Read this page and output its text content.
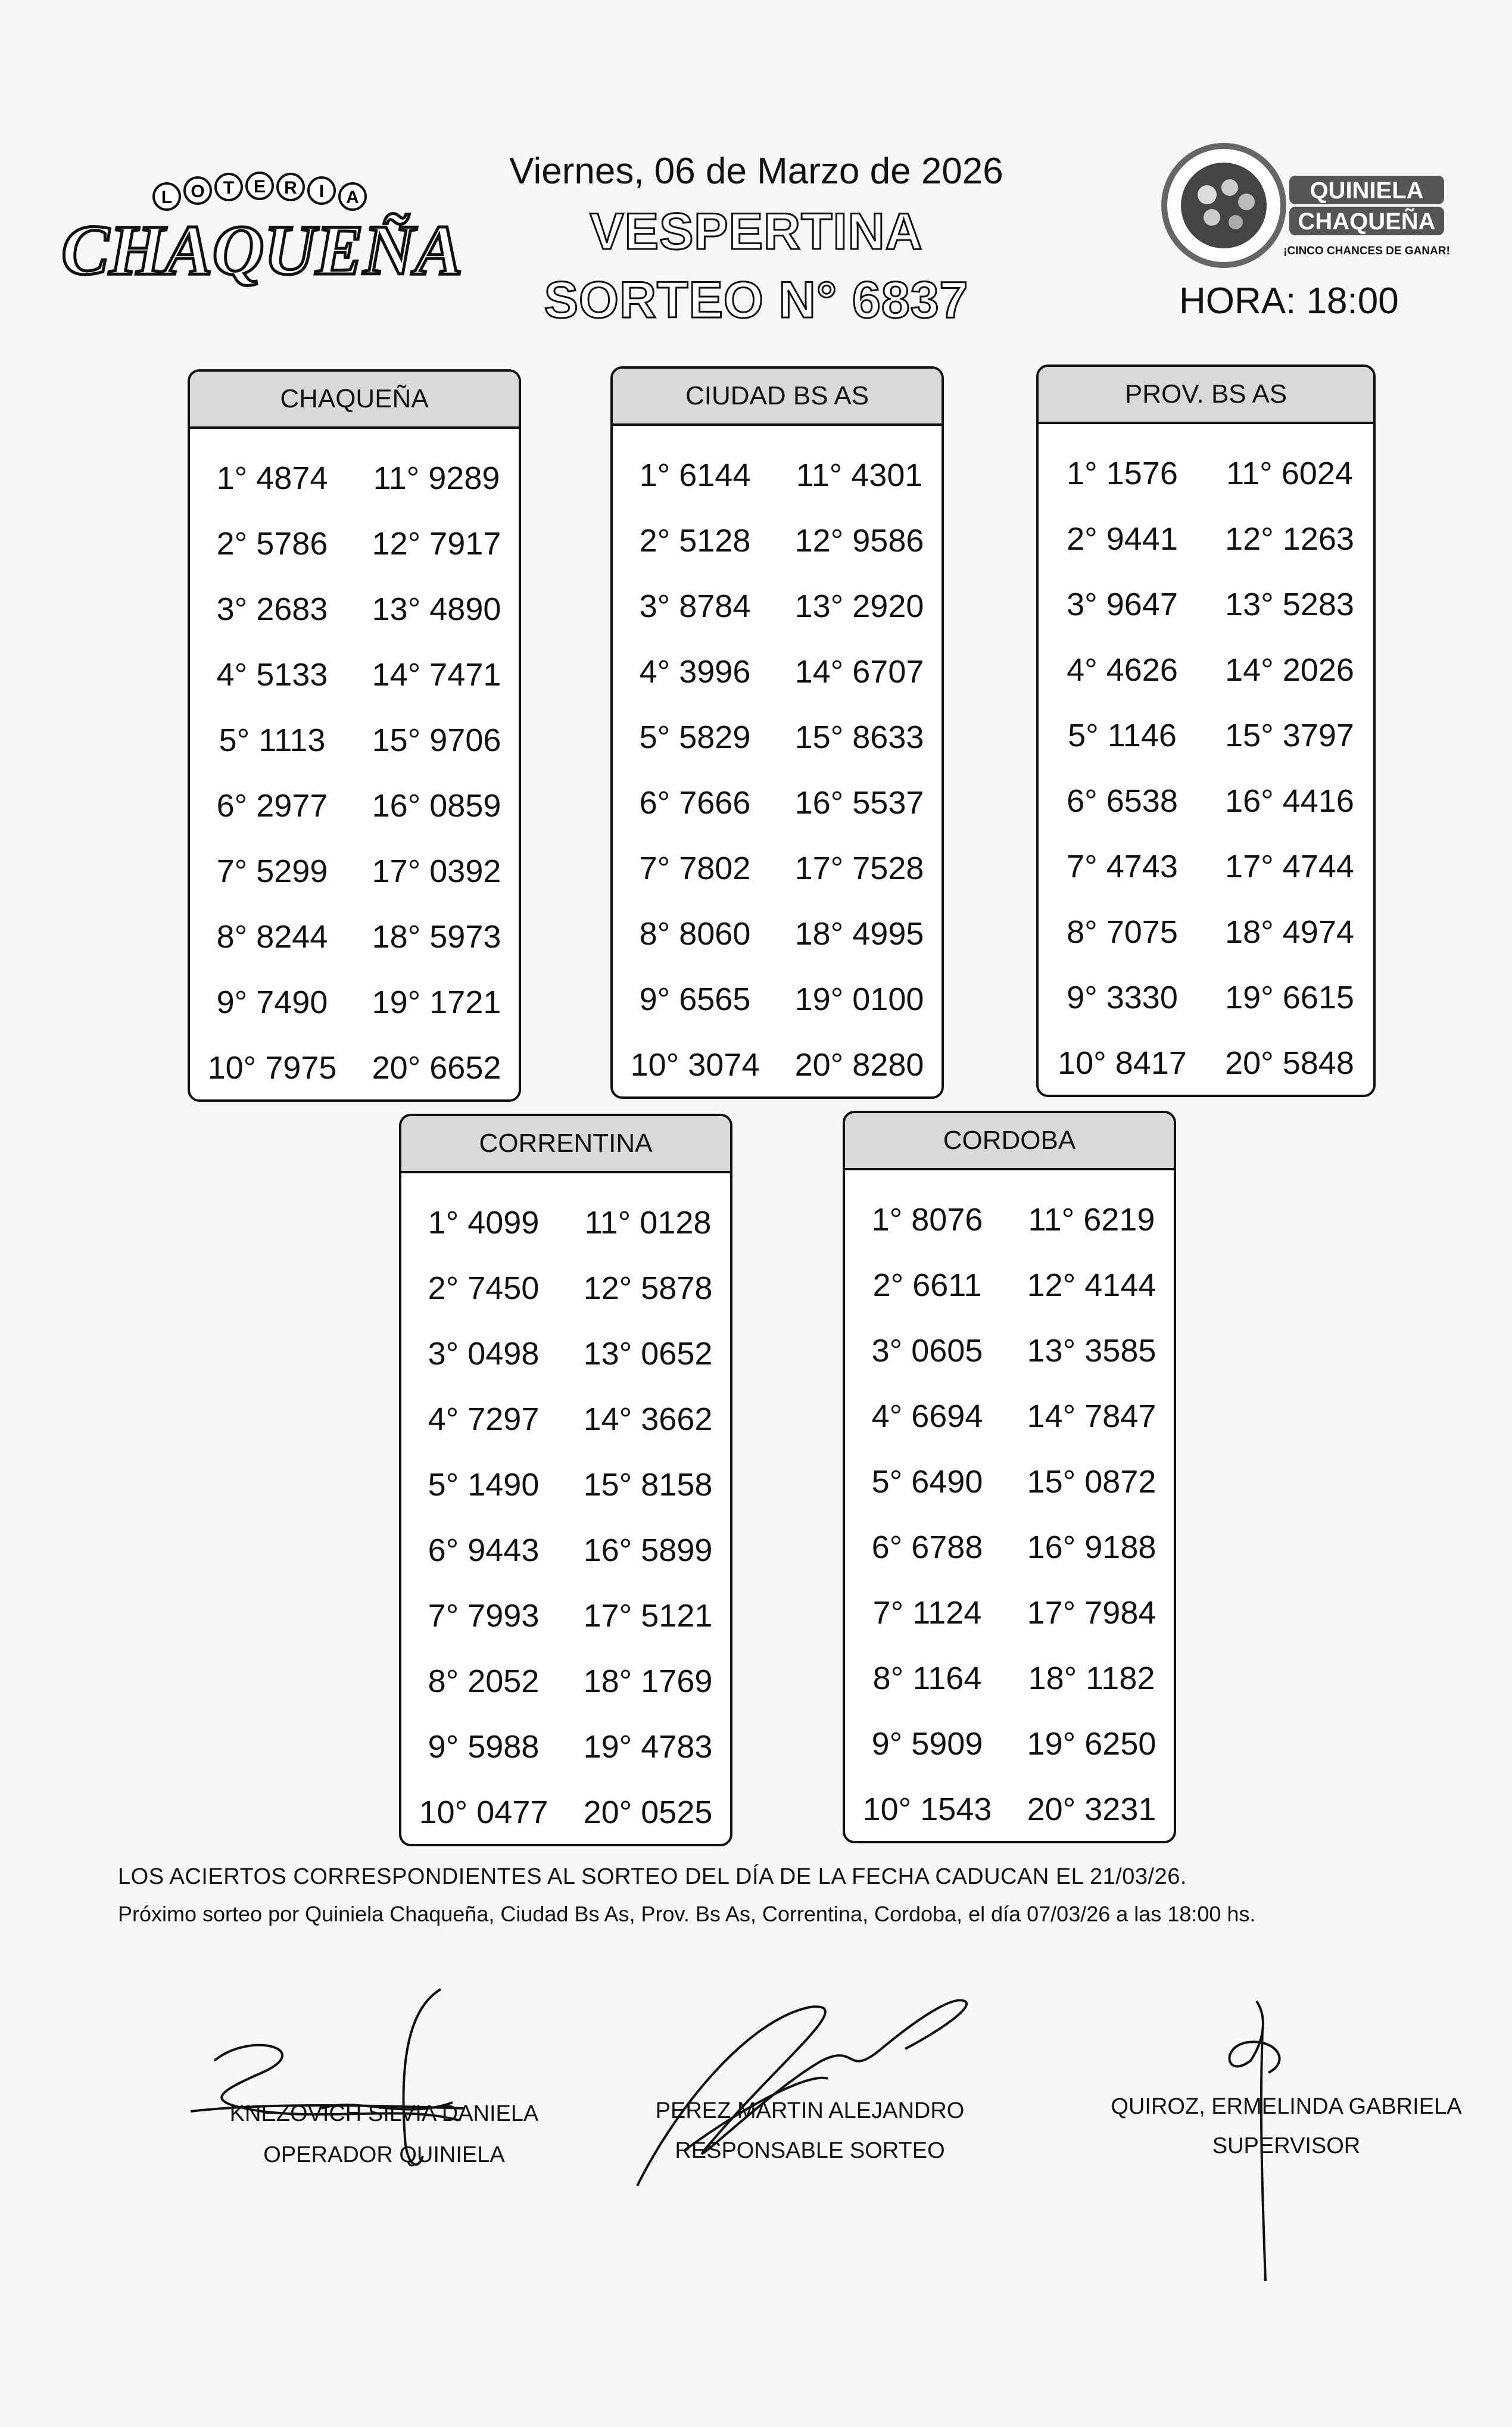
L O T E R I A
CHAQUEÑA
Viernes, 06 de Marzo de 2026
VESPERTINA
SORTEO N° 6837
QUINIELA
CHAQUEÑA
¡CINCO CHANCES DE GANAR!
HORA: 18:00
CHAQUEÑA
1° 4874	11° 9289
2° 5786	12° 7917
3° 2683	13° 4890
4° 5133	14° 7471
5° 1113	15° 9706
6° 2977	16° 0859
7° 5299	17° 0392
8° 8244	18° 5973
9° 7490	19° 1721
10° 7975	20° 6652
CIUDAD BS AS
1° 6144	11° 4301
2° 5128	12° 9586
3° 8784	13° 2920
4° 3996	14° 6707
5° 5829	15° 8633
6° 7666	16° 5537
7° 7802	17° 7528
8° 8060	18° 4995
9° 6565	19° 0100
10° 3074	20° 8280
PROV. BS AS
1° 1576	11° 6024
2° 9441	12° 1263
3° 9647	13° 5283
4° 4626	14° 2026
5° 1146	15° 3797
6° 6538	16° 4416
7° 4743	17° 4744
8° 7075	18° 4974
9° 3330	19° 6615
10° 8417	20° 5848
CORRENTINA
1° 4099	11° 0128
2° 7450	12° 5878
3° 0498	13° 0652
4° 7297	14° 3662
5° 1490	15° 8158
6° 9443	16° 5899
7° 7993	17° 5121
8° 2052	18° 1769
9° 5988	19° 4783
10° 0477	20° 0525
CORDOBA
1° 8076	11° 6219
2° 6611	12° 4144
3° 0605	13° 3585
4° 6694	14° 7847
5° 6490	15° 0872
6° 6788	16° 9188
7° 1124	17° 7984
8° 1164	18° 1182
9° 5909	19° 6250
10° 1543	20° 3231
LOS ACIERTOS CORRESPONDIENTES AL SORTEO DEL DÍA DE LA FECHA CADUCAN EL 21/03/26.
Próximo sorteo por Quiniela Chaqueña, Ciudad Bs As, Prov. Bs As, Correntina, Cordoba, el día 07/03/26 a las 18:00 hs.
KNEZOVICH SILVIA DANIELA
OPERADOR QUINIELA
PEREZ MARTIN ALEJANDRO
RESPONSABLE SORTEO
QUIROZ, ERMELINDA GABRIELA
SUPERVISOR
